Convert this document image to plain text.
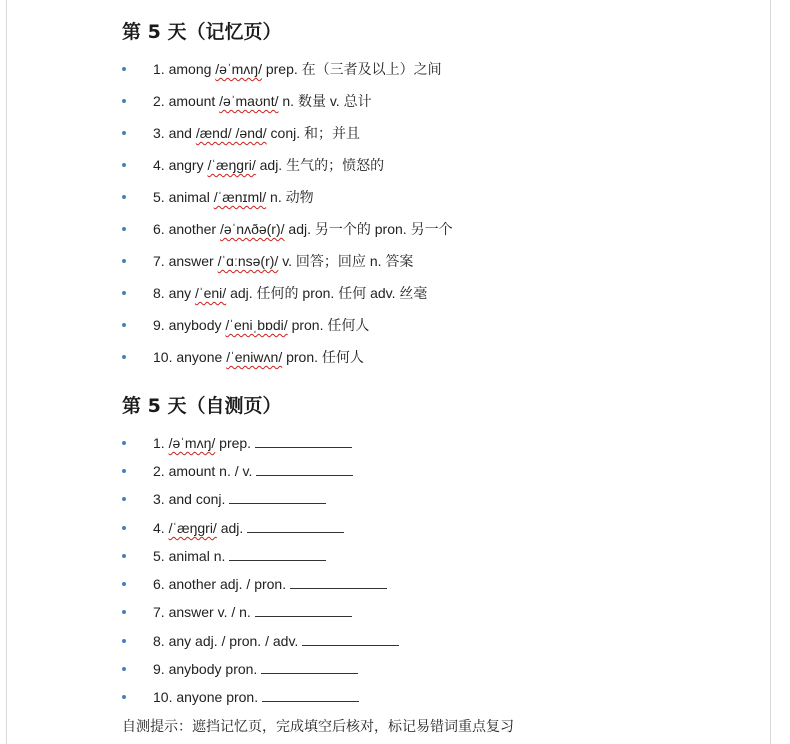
第 5 天（记忆页）
1. among /əˈmʌŋ/ prep. 在（三者及以上）之间
2. amount /əˈmaʊnt/ n. 数量 v. 总计
3. and /ænd/ /ənd/ conj. 和；并且
4. angry /ˈæŋɡri/ adj. 生气的；愤怒的
5. animal /ˈænɪml/ n. 动物
6. another /əˈnʌðə(r)/ adj. 另一个的 pron. 另一个
7. answer /ˈɑːnsə(r)/ v. 回答；回应 n. 答案
8. any /ˈeni/ adj. 任何的 pron. 任何 adv. 丝毫
9. anybody /ˈeniˌbɒdi/ pron. 任何人
10. anyone /ˈeniwʌn/ pron. 任何人
第 5 天（自测页）
1. /əˈmʌŋ/ prep.
2. amount n. / v.
3. and conj.
4. /ˈæŋɡri/ adj.
5. animal n.
6. another adj. / pron.
7. answer v. / n.
8. any adj. / pron. / adv.
9. anybody pron.
10. anyone pron.
自测提示：遮挡记忆页，完成填空后核对，标记易错词重点复习
